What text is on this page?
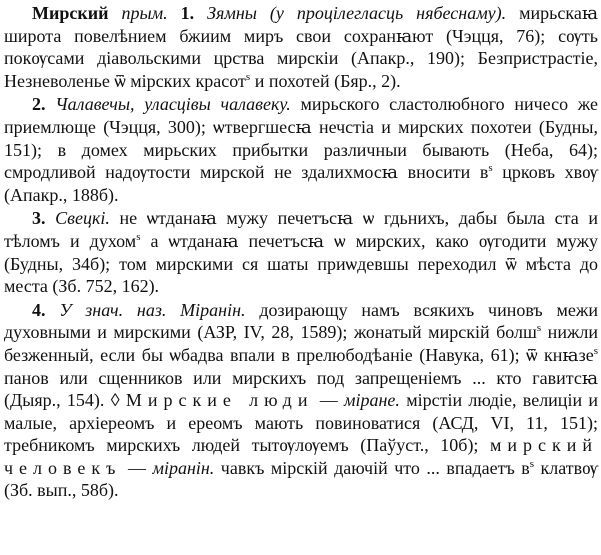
Мирский прым. 1. Зямны (у процілегласць нябеснаму). мирьскаꙗ широта повелѣнием бжиим миръ свои сохранꙗют (Чэцця, 76); сѹть покѹсами діавольскими црства мирскіи (Апакр., 190); Безпристрастіе, Незневоленье ѿ мірских красот$^ѕ$ и похотей (Бяр., 2).

2. Чалавечы, уласцівы чалавеку. мирьского сластолюбного ничесо же приемлюще (Чэцця, 300); ѡтвергшесꙗ нечстіа и мирских похотеи (Будны, 151); в домех мирьских прибытки различныи бывають (Неба, 64); смродливой надѹтости мирской не здалихмосꙗ вносити $в^ѕ$ црковъ хвѹ (Апакр., 188б).

3. Свецкі. не ѡтданаꙗ мужу печетъсꙗ ѡ гдьнихъ, дабы была ста и тѣломъ и духом$^ѕ$ а ѡтданаꙗ печетъсꙗ ѡ мирских, како ѹгодити мужу (Будны, 34б); том мирскими ся шаты приѡдевшы переходил ѿ мѣста до места (Зб. 752, 162).

4. У знач. наз. Міранін. дозирающу намъ всякихъ чиновъ межи духовными и мирскими (АЗР, IV, 28, 1589); жонатый мирскій болш$^ѕ$ нижли безженный, если бы ѡбадва впали в прелюбодѣаніе (Навука, 61); ѿ кнꙗзе$^ѕ$ панов или сщенников или мирскихъ под запрещеніемъ ... кто гавитсꙗ (Дыяр., 154). ◊ Мирские люди — міране. мірстіи людіе, велиціи и малые, архіереомъ и ереомъ мають повиноватися (АСД, VI, 11, 151); требникомъ мирскихъ людей тытѹлѹемъ (Паўуст., 10б); мирский человекъ — міранін. чавкъ мірскій даючій что ... впадаетъ $в^ѕ$ клатвѹ (Зб. вып., 58б).
